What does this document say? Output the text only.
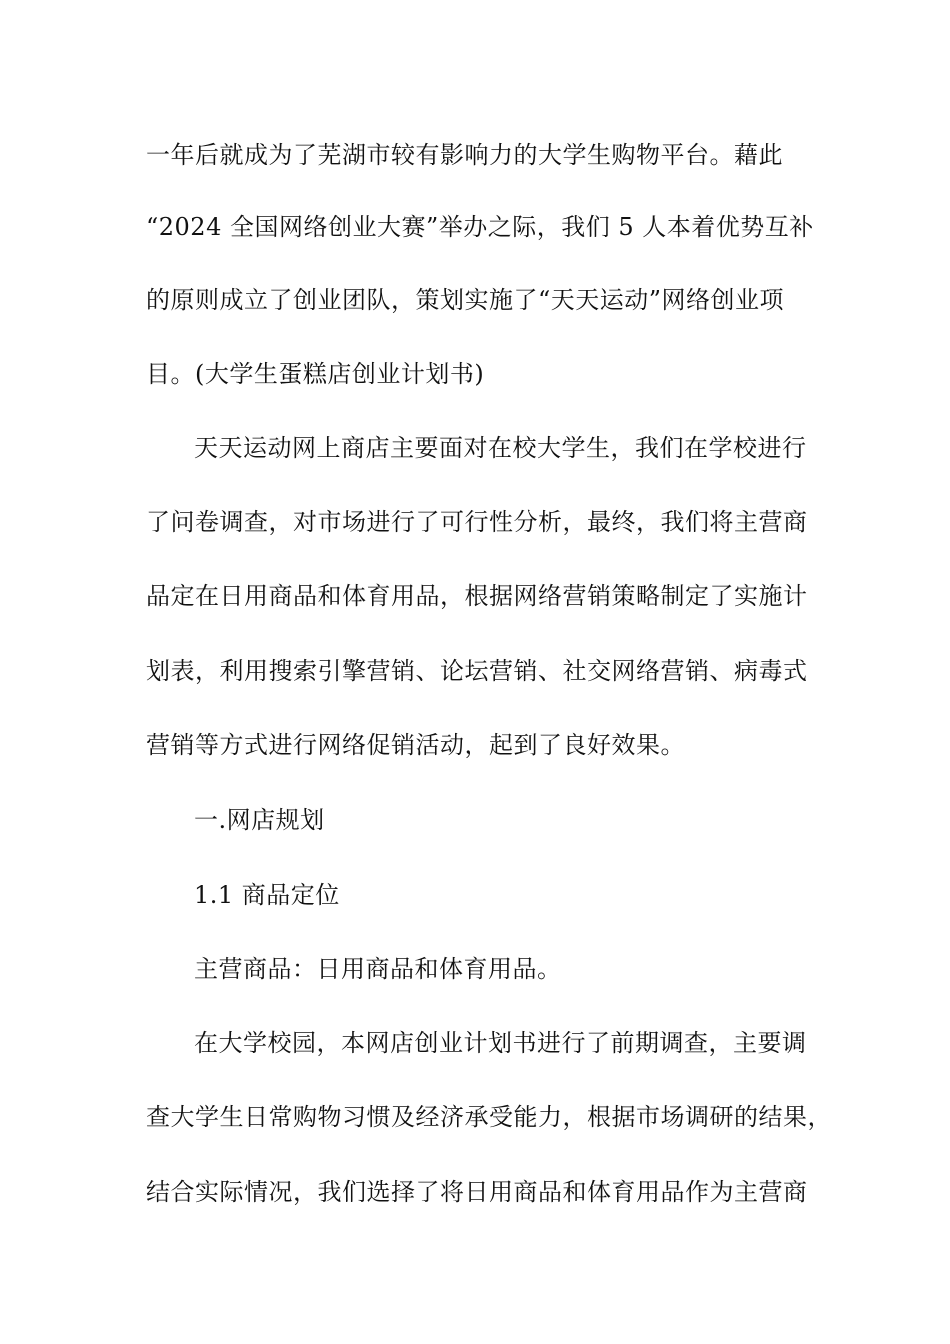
一年后就成为了芜湖市较有影响力的大学生购物平台。藉此
“2024 全国网络创业大赛”举办之际，我们 5 人本着优势互补
的原则成立了创业团队，策划实施了“天天运动”网络创业项
目。(大学生蛋糕店创业计划书)
天天运动网上商店主要面对在校大学生，我们在学校进行
了问卷调查，对市场进行了可行性分析，最终，我们将主营商
品定在日用商品和体育用品，根据网络营销策略制定了实施计
划表，利用搜索引擎营销、论坛营销、社交网络营销、病毒式
营销等方式进行网络促销活动，起到了良好效果。
一.网店规划
1.1 商品定位
主营商品：日用商品和体育用品。
在大学校园，本网店创业计划书进行了前期调查，主要调
查大学生日常购物习惯及经济承受能力，根据市场调研的结果，
结合实际情况，我们选择了将日用商品和体育用品作为主营商
